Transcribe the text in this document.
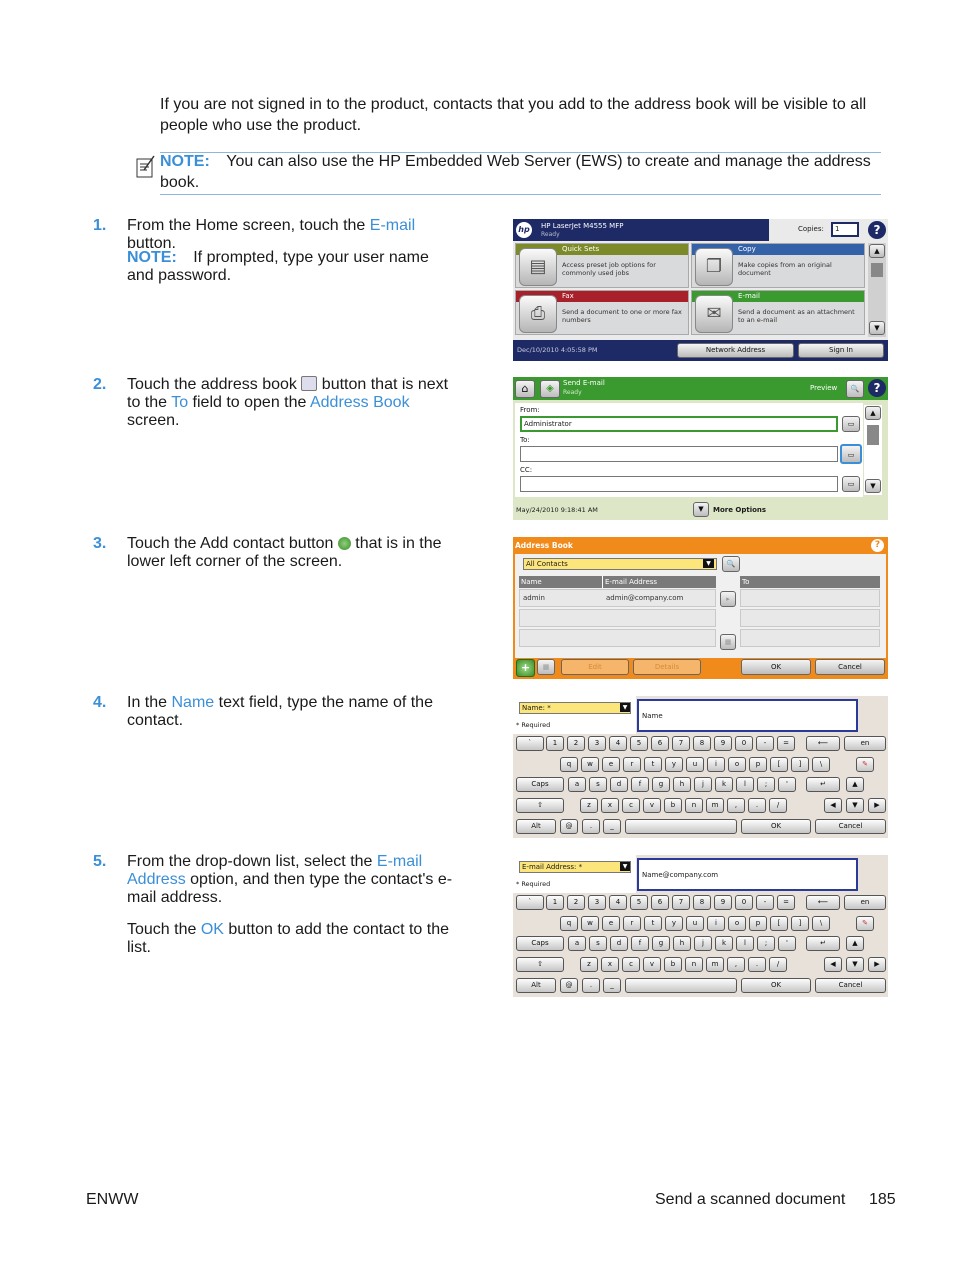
If you are not signed in to the product, contacts that you add to the address book will be visible to all
people who use the product.
NOTE: You can also use the HP Embedded Web Server (EWS) to create and manage the address
book.
1. From the Home screen, touch the E-mail button.
NOTE: If prompted, type your user name
and password.
2. Touch the address book  button that is next
to the To field to open the Address Book
screen.
3. Touch the Add contact button  that is in the
lower left corner of the screen.
4. In the Name text field, type the name of the
contact.
5. From the drop-down list, select the E-mail
Address option, and then type the contact's e-
mail address.
Touch the OK button to add the contact to the
list.
hp	HP LaserJet M4555 MFP
Ready
Copies:	1	?
Quick Sets
▤	Access preset job options for commonly used jobs
Copy
❐	Make copies from an original document
Fax
⎙	Send a document to one or more fax numbers
E-mail
✉	Send a document as an attachment to an e-mail
▲
▼
Dec/10/2010 4:05:58 PM	Network Address	Sign In
⌂	◈	Send E-mail
Ready
Preview	🔍	?
From:
Administrator
To:
CC:
▭
▭
▭
▲
▼
May/24/2010 9:18:41 AM	▼	More Options
Address Book	?
All Contacts	▼	🔍
Name	E-mail Address	To
admin	admin@company.com	▸
▦
+	▦	Edit	Details	OK	Cancel
Name: *	▼
* Required
Name
`	1	2	3	4	5	6	7	8	9	0	-	=	⟵	en
q	w	e	r	t	y	u	i	o	p	[	]	\	✎
Caps	a	s	d	f	g	h	j	k	l	;	'	↵	▲
⇧	z	x	c	v	b	n	m	,	.	/	◀	▼	▶
Alt	@	.	_	OK	Cancel
E-mail Address: *	▼
* Required
Name@company.com
`	1	2	3	4	5	6	7	8	9	0	-	=	⟵	en
q	w	e	r	t	y	u	i	o	p	[	]	\	✎
Caps	a	s	d	f	g	h	j	k	l	;	'	↵	▲
⇧	z	x	c	v	b	n	m	,	.	/	◀	▼	▶
Alt	@	.	_	OK	Cancel
ENWW	Send a scanned document 185
